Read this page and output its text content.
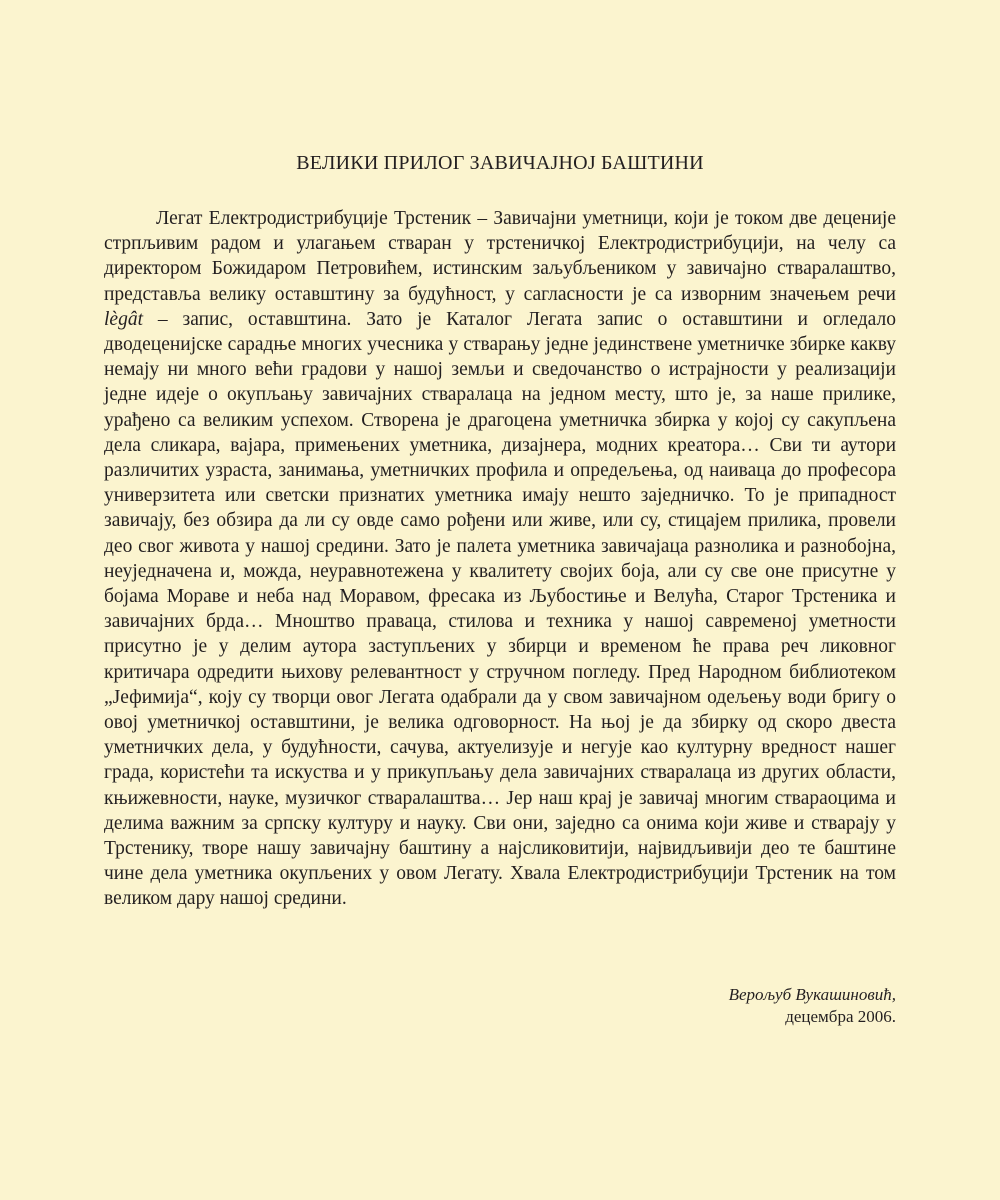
ВЕЛИКИ ПРИЛОГ ЗАВИЧАЈНОЈ БАШТИНИ

Легат Електродистрибуције Трстеник – Завичајни уметници, који је током две деценије стрпљивим радом и улагањем стваран у трстеничкој Електродистрибуцији, на челу са директором Божидаром Петровићем, истинским заљубљеником у завичајно стваралаштво, представља велику оставштину за будућност, у сагласности је са изворним значењем речи lègât – запис, оставштина. Зато је Каталог Легата запис о оставштини и огледало дводеценијске сарадње многих учесника у стварању једне јединствене уметничке збирке какву немају ни много већи градови у нашој земљи и сведочанство о истрајности у реализацији једне идеје о окупљању завичајних стваралаца на једном месту, што је, за наше прилике, урађено са великим успехом. Створена је драгоцена уметничка збирка у којој су сакупљена дела сликара, вајара, примењених уметника, дизајнера, модних креатора… Сви ти аутори различитих узраста, занимања, уметничких профила и опредељења, од наиваца до професора универзитета или светски признатих уметника имају нешто заједничко. То је припадност завичају, без обзира да ли су овде само рођени или живе, или су, стицајем прилика, провели део свог живота у нашој средини. Зато је палета уметника завичајаца разнолика и разнобојна, неуједначена и, можда, неуравнотежена у квалитету својих боја, али су све оне присутне у бојама Мораве и неба над Моравом, фресака из Љубостиње и Велућа, Старог Трстеника и завичајних брда… Мноштво праваца, стилова и техника у нашој савременој уметности присутно је у делим аутора заступљених у збирци и временом ће права реч ликовног критичара одредити њихову релевантност у стручном погледу. Пред Народном библиотеком „Јефимија“, коју су творци овог Легата одабрали да у свом завичајном одељењу води бригу о овој уметничкој оставштини, је велика одговорност. На њој је да збирку од скоро двеста уметничких дела, у будућности, сачува, актуелизује и негује као културну вредност нашег града, користећи та искуства и у прикупљању дела завичајних стваралаца из других области, књижевности, науке, музичког стваралаштва… Јер наш крај је завичај многим ствараоцима и делима важним за српску културу и науку. Сви они, заједно са онима који живе и стварају у Трстенику, творе нашу завичајну баштину а најсликовитији, највидљивији део те баштине чине дела уметника окупљених у овом Легату. Хвала Електродистрибуцији Трстеник на том великом дару нашој средини.

Верољуб Вукашиновић,
децембра 2006.
